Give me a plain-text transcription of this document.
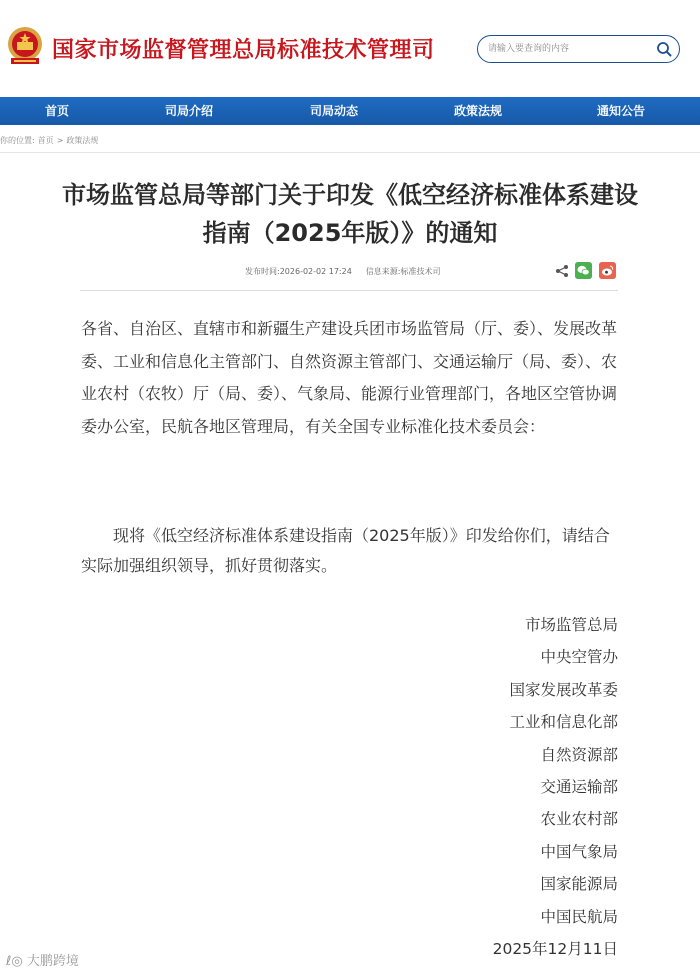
国家市场监督管理总局标准技术管理司
请输入要查询的内容
首页	司局介绍	司局动态	政策法规	通知公告
你的位置: 首页 > 政策法规
市场监管总局等部门关于印发《低空经济标准体系建设指南（2025年版）》的通知
发布时间:2026-02-02 17:24 信息来源:标准技术司

各省、自治区、直辖市和新疆生产建设兵团市场监管局（厅、委）、发展改革委、工业和信息化主管部门、自然资源主管部门、交通运输厅（局、委）、农业农村（农牧）厅（局、委）、气象局、能源行业管理部门，各地区空管协调委办公室，民航各地区管理局，有关全国专业标准化技术委员会：

现将《低空经济标准体系建设指南（2025年版）》印发给你们，请结合实际加强组织领导，抓好贯彻落实。

市场监管总局
中央空管办
国家发展改革委
工业和信息化部
自然资源部
交通运输部
农业农村部
中国气象局
国家能源局
中国民航局
2025年12月11日
ℓ◎ 大鹏跨境
